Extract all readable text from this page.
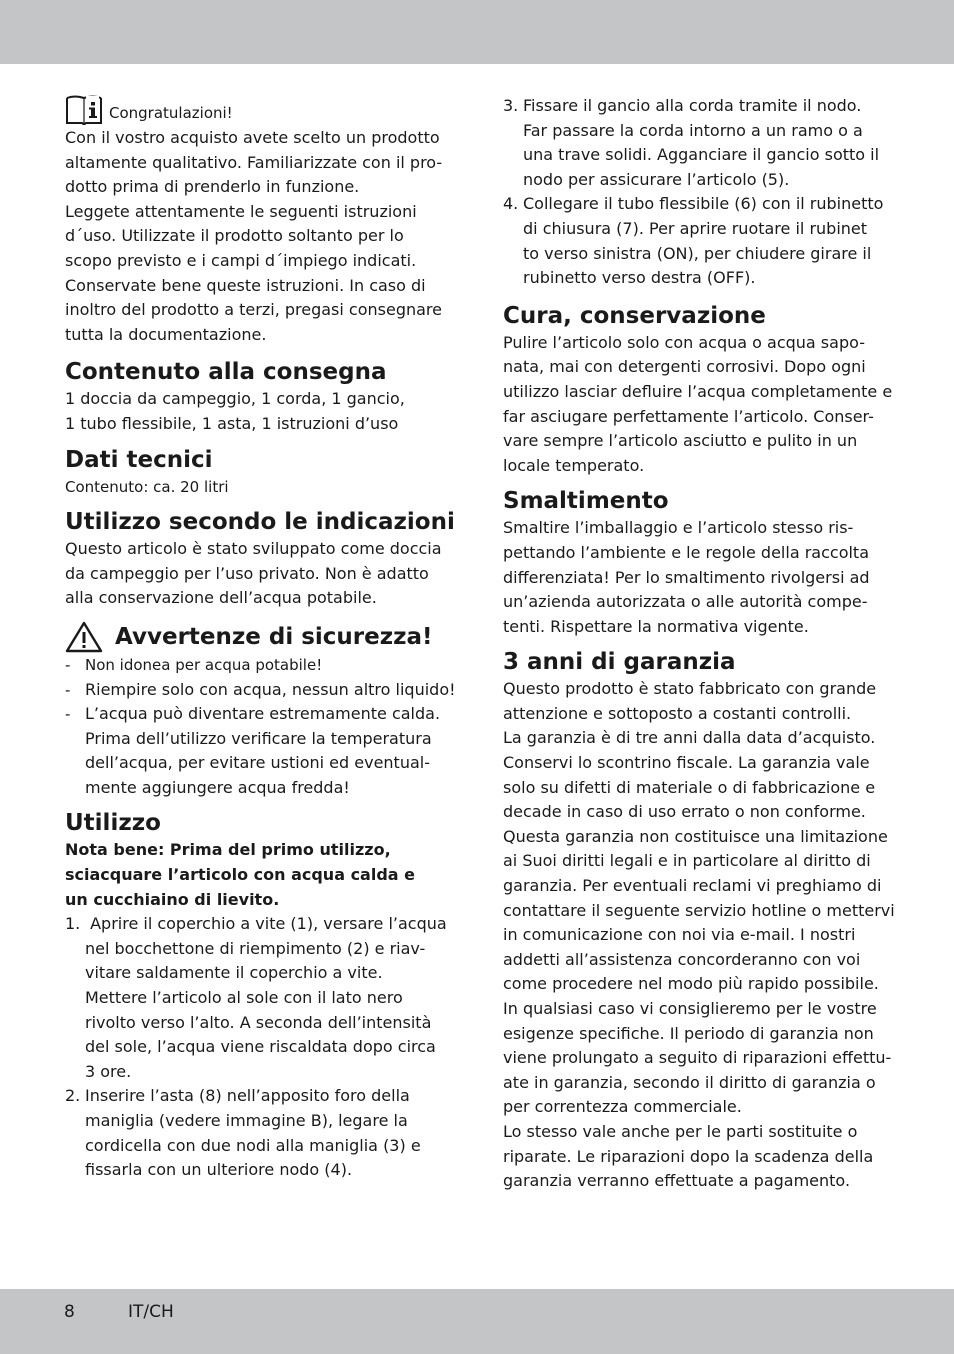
Congratulazioni!
Con il vostro acquisto avete scelto un prodotto
altamente qualitativo. Familiarizzate con il pro-
dotto prima di prenderlo in funzione.
Leggete attentamente le seguenti istruzioni
d´uso. Utilizzate il prodotto soltanto per lo
scopo previsto e i campi d´impiego indicati.
Conservate bene queste istruzioni. In caso di
inoltro del prodotto a terzi, pregasi consegnare
tutta la documentazione.
Contenuto alla consegna
1 doccia da campeggio, 1 corda, 1 gancio,
1 tubo flessibile, 1 asta, 1 istruzioni d’uso
Dati tecnici
Contenuto: ca. 20 litri
Utilizzo secondo le indicazioni
Questo articolo è stato sviluppato come doccia
da campeggio per l’uso privato. Non è adatto
alla conservazione dell’acqua potabile.
Avvertenze di sicurezza!
- Non idonea per acqua potabile!
- Riempire solo con acqua, nessun altro liquido!
- L’acqua può diventare estremamente calda.
Prima dell’utilizzo verificare la temperatura
dell’acqua, per evitare ustioni ed eventual-
mente aggiungere acqua fredda!
Utilizzo
Nota bene: Prima del primo utilizzo,
sciacquare l’articolo con acqua calda e
un cucchiaino di lievito.
1. Aprire il coperchio a vite (1), versare l’acqua
nel bocchettone di riempimento (2) e riav-
vitare saldamente il coperchio a vite.
Mettere l’articolo al sole con il lato nero
rivolto verso l’alto. A seconda dell’intensità
del sole, l’acqua viene riscaldata dopo circa
3 ore.
2. Inserire l’asta (8) nell’apposito foro della
maniglia (vedere immagine B), legare la
cordicella con due nodi alla maniglia (3) e
fissarla con un ulteriore nodo (4).
3. Fissare il gancio alla corda tramite il nodo.
Far passare la corda intorno a un ramo o a
una trave solidi. Agganciare il gancio sotto il
nodo per assicurare l’articolo (5).
4. Collegare il tubo flessibile (6) con il rubinetto
di chiusura (7). Per aprire ruotare il rubinet
to verso sinistra (ON), per chiudere girare il
rubinetto verso destra (OFF).
Cura, conservazione
Pulire l’articolo solo con acqua o acqua sapo-
nata, mai con detergenti corrosivi. Dopo ogni
utilizzo lasciar defluire l’acqua completamente e
far asciugare perfettamente l’articolo. Conser-
vare sempre l’articolo asciutto e pulito in un
locale temperato.
Smaltimento
Smaltire l’imballaggio e l’articolo stesso ris-
pettando l’ambiente e le regole della raccolta
differenziata! Per lo smaltimento rivolgersi ad
un’azienda autorizzata o alle autorità compe-
tenti. Rispettare la normativa vigente.
3 anni di garanzia
Questo prodotto è stato fabbricato con grande
attenzione e sottoposto a costanti controlli.
La garanzia è di tre anni dalla data d’acquisto.
Conservi lo scontrino fiscale. La garanzia vale
solo su difetti di materiale o di fabbricazione e
decade in caso di uso errato o non conforme.
Questa garanzia non costituisce una limitazione
ai Suoi diritti legali e in particolare al diritto di
garanzia. Per eventuali reclami vi preghiamo di
contattare il seguente servizio hotline o mettervi
in comunicazione con noi via e-mail. I nostri
addetti all’assistenza concorderanno con voi
come procedere nel modo più rapido possibile.
In qualsiasi caso vi consiglieremo per le vostre
esigenze specifiche. Il periodo di garanzia non
viene prolungato a seguito di riparazioni effettu-
ate in garanzia, secondo il diritto di garanzia o
per correntezza commerciale.
Lo stesso vale anche per le parti sostituite o
riparate. Le riparazioni dopo la scadenza della
garanzia verranno effettuate a pagamento.
8	IT/CH
